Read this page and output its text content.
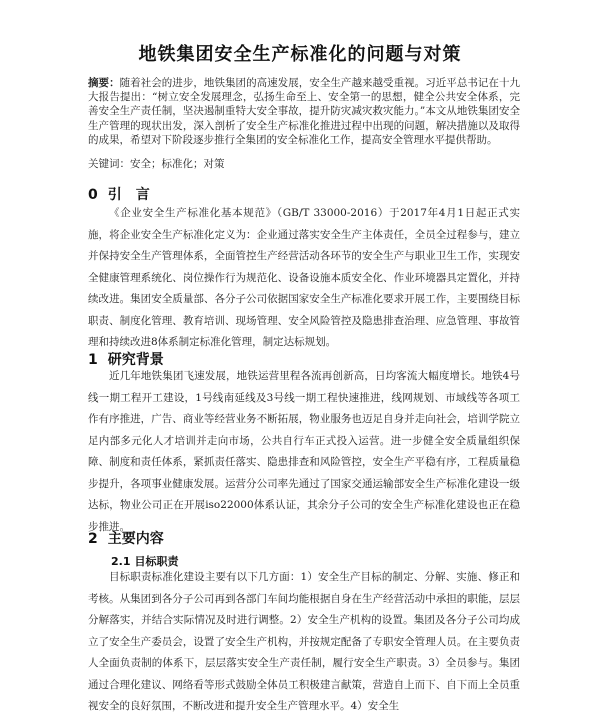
地铁集团安全生产标准化的问题与对策
摘要：随着社会的进步，地铁集团的高速发展，安全生产越来越受重视。习近平总书记在十九大报告提出：“树立安全发展理念，弘扬生命至上、安全第一的思想，健全公共安全体系，完善安全生产责任制，坚决遏制重特大安全事故，提升防灾减灾救灾能力。”本文从地铁集团安全生产管理的现状出发，深入剖析了安全生产标准化推进过程中出现的问题，解决措施以及取得的成果，希望对下阶段逐步推行全集团的安全标准化工作，提高安全管理水平提供帮助。
关键词：安全；标准化；对策
0 引　言
《企业安全生产标准化基本规范》（GB/T 33000-2016）于2017年4月1日起正式实施，将企业安全生产标准化定义为：企业通过落实安全生产主体责任，全员全过程参与，建立并保持安全生产管理体系，全面管控生产经营活动各环节的安全生产与职业卫生工作，实现安全健康管理系统化、岗位操作行为规范化、设备设施本质安全化、作业环境器具定置化，并持续改进。集团安全质量部、各分子公司依据国家安全生产标准化要求开展工作，主要围绕目标职责、制度化管理、教育培训、现场管理、安全风险管控及隐患排查治理、应急管理、事故管理和持续改进8体系制定标准化管理，制定达标规划。
1 研究背景
近几年地铁集团飞速发展，地铁运营里程各流再创新高，日均客流大幅度增长。地铁4号线一期工程开工建设，1号线南延线及3号线一期工程快速推进，线网规划、市域线等各项工作有序推进，广告、商业等经营业务不断拓展，物业服务也迈足自身并走向社会，培训学院立足内部多元化人才培训并走向市场，公共自行车正式投入运营。进一步健全安全质量组织保障、制度和责任体系，紧抓责任落实、隐患排查和风险管控，安全生产平稳有序，工程质量稳步提升，各项事业健康发展。运营分公司率先通过了国家交通运输部安全生产标准化建设一级达标，物业公司正在开展iso22000体系认证，其余分子公司的安全生产标准化建设也正在稳步推进。
2 主要内容
2.1 目标职责
目标职责标准化建设主要有以下几方面：1）安全生产目标的制定、分解、实施、修正和考核。从集团到各分子公司再到各部门车间均能根据自身在生产经营活动中承担的职能，层层分解落实，并结合实际情况及时进行调整。2）安全生产机构的设置。集团及各分子公司均成立了安全生产委员会，设置了安全生产机构，并按规定配备了专职安全管理人员。在主要负责人全面负责制的体系下，层层落实安全生产责任制，履行安全生产职责。3）全员参与。集团通过合理化建议、网络看等形式鼓励全体员工积极建言献策，营造自上而下、自下而上全员重视安全的良好氛围，不断改进和提升安全生产管理水平。4）安全生
